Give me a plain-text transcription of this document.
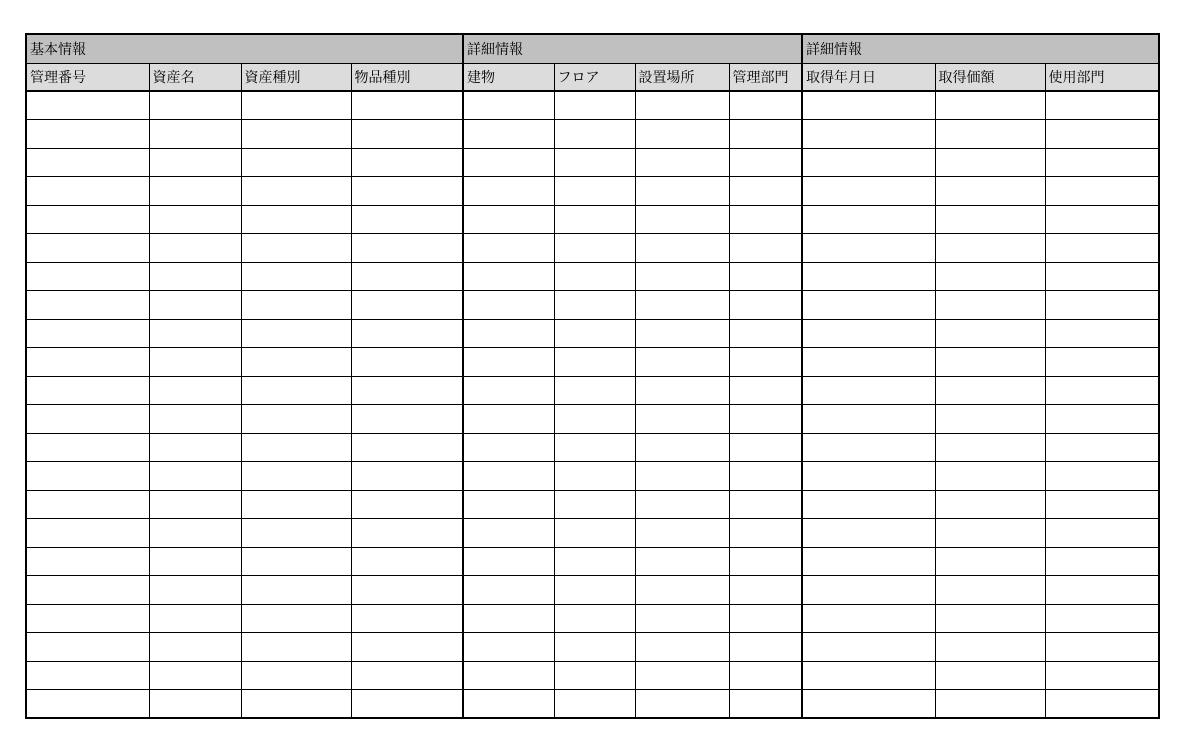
基本情報				詳細情報				詳細情報		
管理番号	資産名	資産種別	物品種別	建物	フロア	設置場所	管理部門	取得年月日	取得価額	使用部門
